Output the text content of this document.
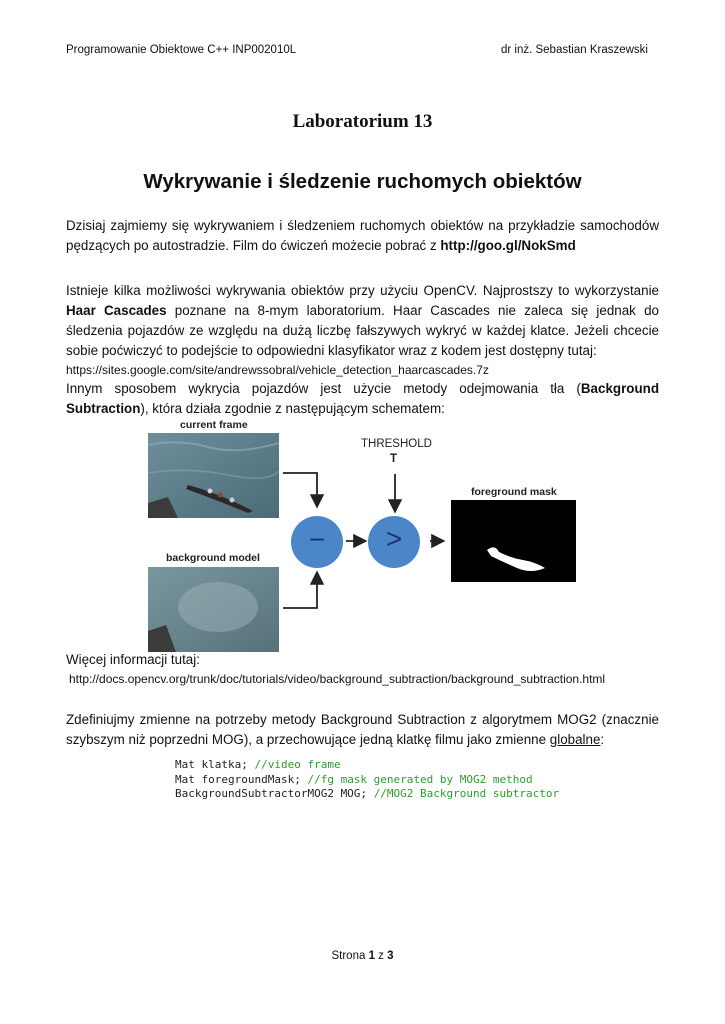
Programowanie Obiektowe C++ INP002010L	dr inż. Sebastian Kraszewski
Laboratorium 13
Wykrywanie i śledzenie ruchomych obiektów
Dzisiaj zajmiemy się wykrywaniem i śledzeniem ruchomych obiektów na przykładzie samochodów pędzących po autostradzie. Film do ćwiczeń możecie pobrać z http://goo.gl/NokSmd
Istnieje kilka możliwości wykrywania obiektów przy użyciu OpenCV. Najprostszy to wykorzystanie Haar Cascades poznane na 8-mym laboratorium. Haar Cascades nie zaleca się jednak do śledzenia pojazdów ze względu na dużą liczbę fałszywych wykryć w każdej klatce. Jeżeli chcecie sobie poćwiczyć to podejście to odpowiedni klasyfikator wraz z kodem jest dostępny tutaj:
https://sites.google.com/site/andrewssobral/vehicle_detection_haarcascades.7z
Innym sposobem wykrycia pojazdów jest użycie metody odejmowania tła (Background Subtraction), która działa zgodnie z następującym schematem:
current frame
background model
−	>
THRESHOLD
T
foreground mask
Więcej informacji tutaj:
http://docs.opencv.org/trunk/doc/tutorials/video/background_subtraction/background_subtraction.html
Zdefiniujmy zmienne na potrzeby metody Background Subtraction z algorytmem MOG2 (znacznie szybszym niż poprzedni MOG), a przechowujące jedną klatkę filmu jako zmienne globalne:
Mat klatka; //video frame
Mat foregroundMask; //fg mask generated by MOG2 method
BackgroundSubtractorMOG2 MOG; //MOG2 Background subtractor
Strona 1 z 3
